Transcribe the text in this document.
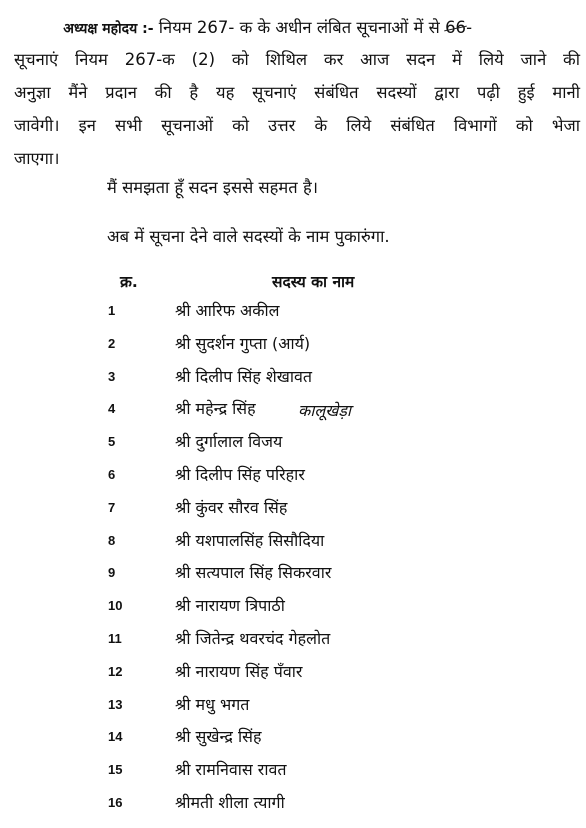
अध्यक्ष महोदय :- नियम 267- क के अधीन लंबित सूचनाओं में से 66-
सूचनाएं नियम 267-क (2) को शिथिल कर आज सदन में लिये जाने की
अनुज्ञा मैंने प्रदान की है यह सूचनाएं संबंधित सदस्यों द्वारा पढ़ी हुई मानी
जावेगी। इन सभी सूचनाओं को उत्तर के लिये संबंधित विभागों को भेजा
जाएगा।
मैं समझता हूँ सदन इससे सहमत है।
अब में सूचना देने वाले सदस्यों के नाम पुकारुंगा.
क्र.	सदस्य का नाम
1	श्री आरिफ अकील
2	श्री सुदर्शन गुप्ता (आर्य)
3	श्री दिलीप सिंह शेखावत
4	श्री महेन्द्र सिंह	कालूखेड़ा
5	श्री दुर्गालाल विजय
6	श्री दिलीप सिंह परिहार
7	श्री कुंवर सौरव सिंह
8	श्री यशपालसिंह सिसौदिया
9	श्री सत्यपाल सिंह सिकरवार
10	श्री नारायण त्रिपाठी
11	श्री जितेन्द्र थवरचंद गेहलोत
12	श्री नारायण सिंह पँवार
13	श्री मधु भगत
14	श्री सुखेन्द्र सिंह
15	श्री रामनिवास रावत
16	श्रीमती शीला त्यागी
